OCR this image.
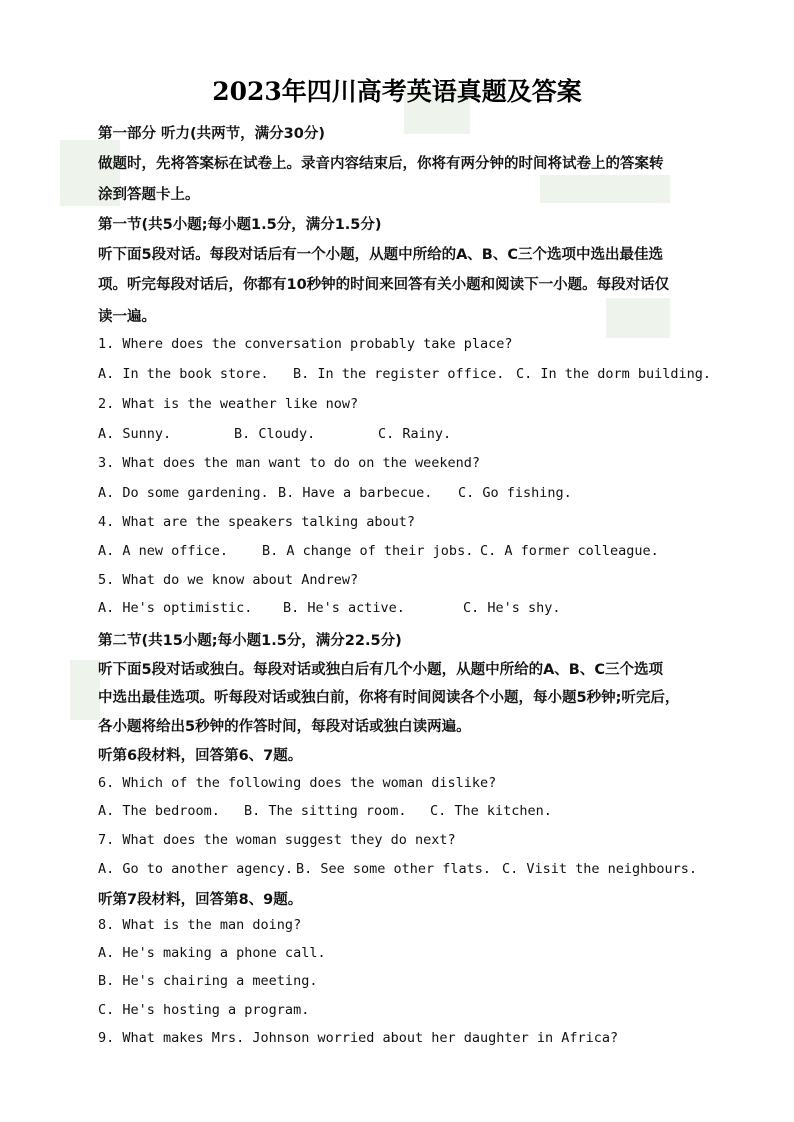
2023年四川高考英语真题及答案
第一部分 听力(共两节，满分30分)
做题时，先将答案标在试卷上。录音内容结束后，你将有两分钟的时间将试卷上的答案转
涂到答题卡上。
第一节(共5小题;每小题1.5分，满分1.5分)
听下面5段对话。每段对话后有一个小题，从题中所给的A、B、C三个选项中选出最佳选
项。听完每段对话后，你都有10秒钟的时间来回答有关小题和阅读下一小题。每段对话仅
读一遍。
1. Where does the conversation probably take place?
A. In the book store. B. In the register office. C. In the dorm building.
2. What is the weather like now?
A. Sunny.	B. Cloudy.	C. Rainy.
3. What does the man want to do on the weekend?
A. Do some gardening. B. Have a barbecue. C. Go fishing.
4. What are the speakers talking about?
A. A new office.	B. A change of their jobs. C. A former colleague.
5. What do we know about Andrew?
A. He's optimistic. B. He's active.	C. He's shy.
第二节(共15小题;每小题1.5分，满分22.5分)
听下面5段对话或独白。每段对话或独白后有几个小题，从题中所给的A、B、C三个选项
中选出最佳选项。听每段对话或独白前，你将有时间阅读各个小题，每小题5秒钟;听完后，
各小题将给出5秒钟的作答时间，每段对话或独白读两遍。
听第6段材料，回答第6、7题。
6. Which of the following does the woman dislike?
A. The bedroom. B. The sitting room. C. The kitchen.
7. What does the woman suggest they do next?
A. Go to another agency. B. See some other flats. C. Visit the neighbours.
听第7段材料，回答第8、9题。
8. What is the man doing?
A. He's making a phone call.
B. He's chairing a meeting.
C. He's hosting a program.
9. What makes Mrs. Johnson worried about her daughter in Africa?
